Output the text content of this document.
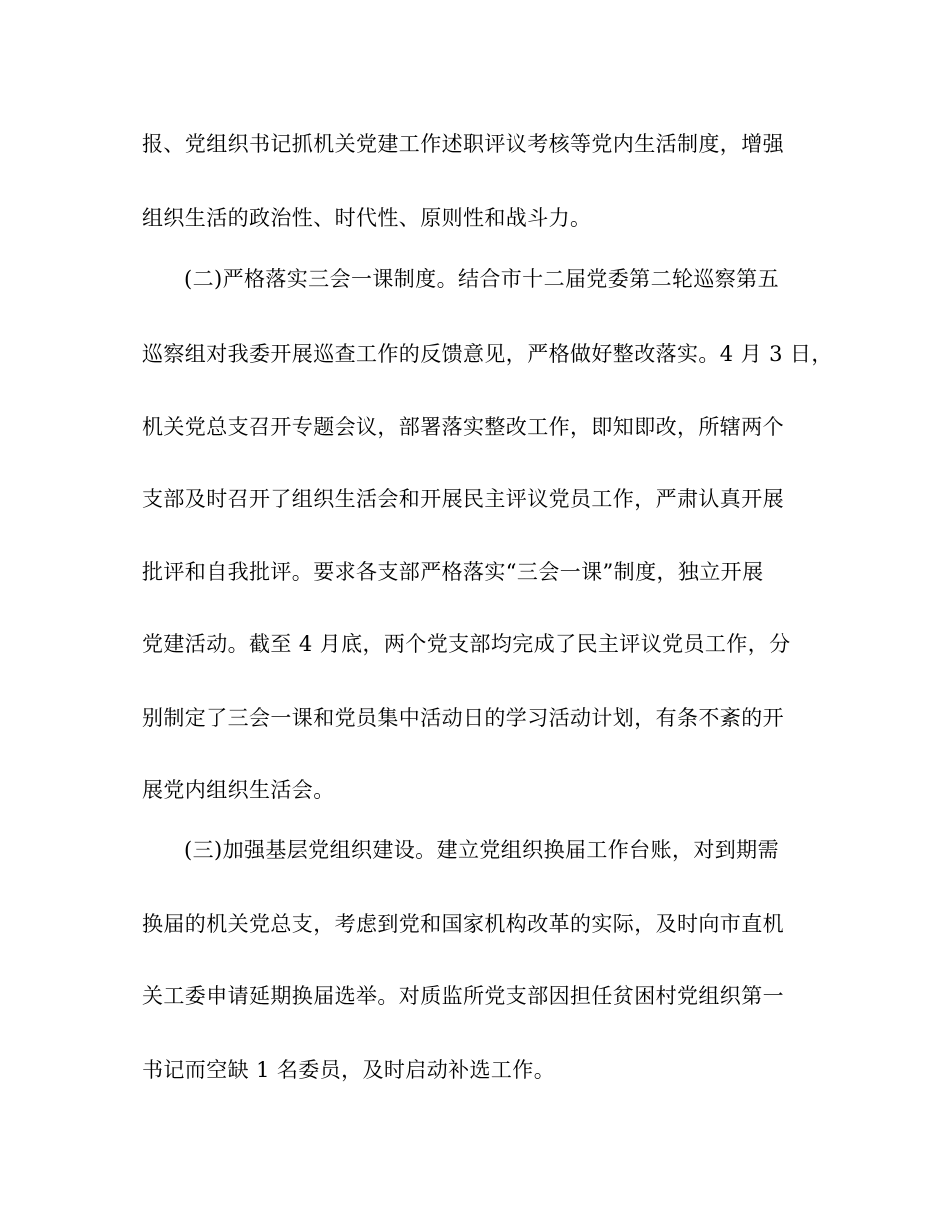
报、党组织书记抓机关党建工作述职评议考核等党内生活制度，增强
组织生活的政治性、时代性、原则性和战斗力。
(二)严格落实三会一课制度。结合市十二届党委第二轮巡察第五
巡察组对我委开展巡查工作的反馈意见，严格做好整改落实。4 月 3 日，
机关党总支召开专题会议，部署落实整改工作，即知即改，所辖两个
支部及时召开了组织生活会和开展民主评议党员工作，严肃认真开展
批评和自我批评。要求各支部严格落实“三会一课”制度，独立开展
党建活动。截至 4 月底，两个党支部均完成了民主评议党员工作，分
别制定了三会一课和党员集中活动日的学习活动计划，有条不紊的开
展党内组织生活会。
(三)加强基层党组织建设。建立党组织换届工作台账，对到期需
换届的机关党总支，考虑到党和国家机构改革的实际，及时向市直机
关工委申请延期换届选举。对质监所党支部因担任贫困村党组织第一
书记而空缺 1 名委员，及时启动补选工作。
